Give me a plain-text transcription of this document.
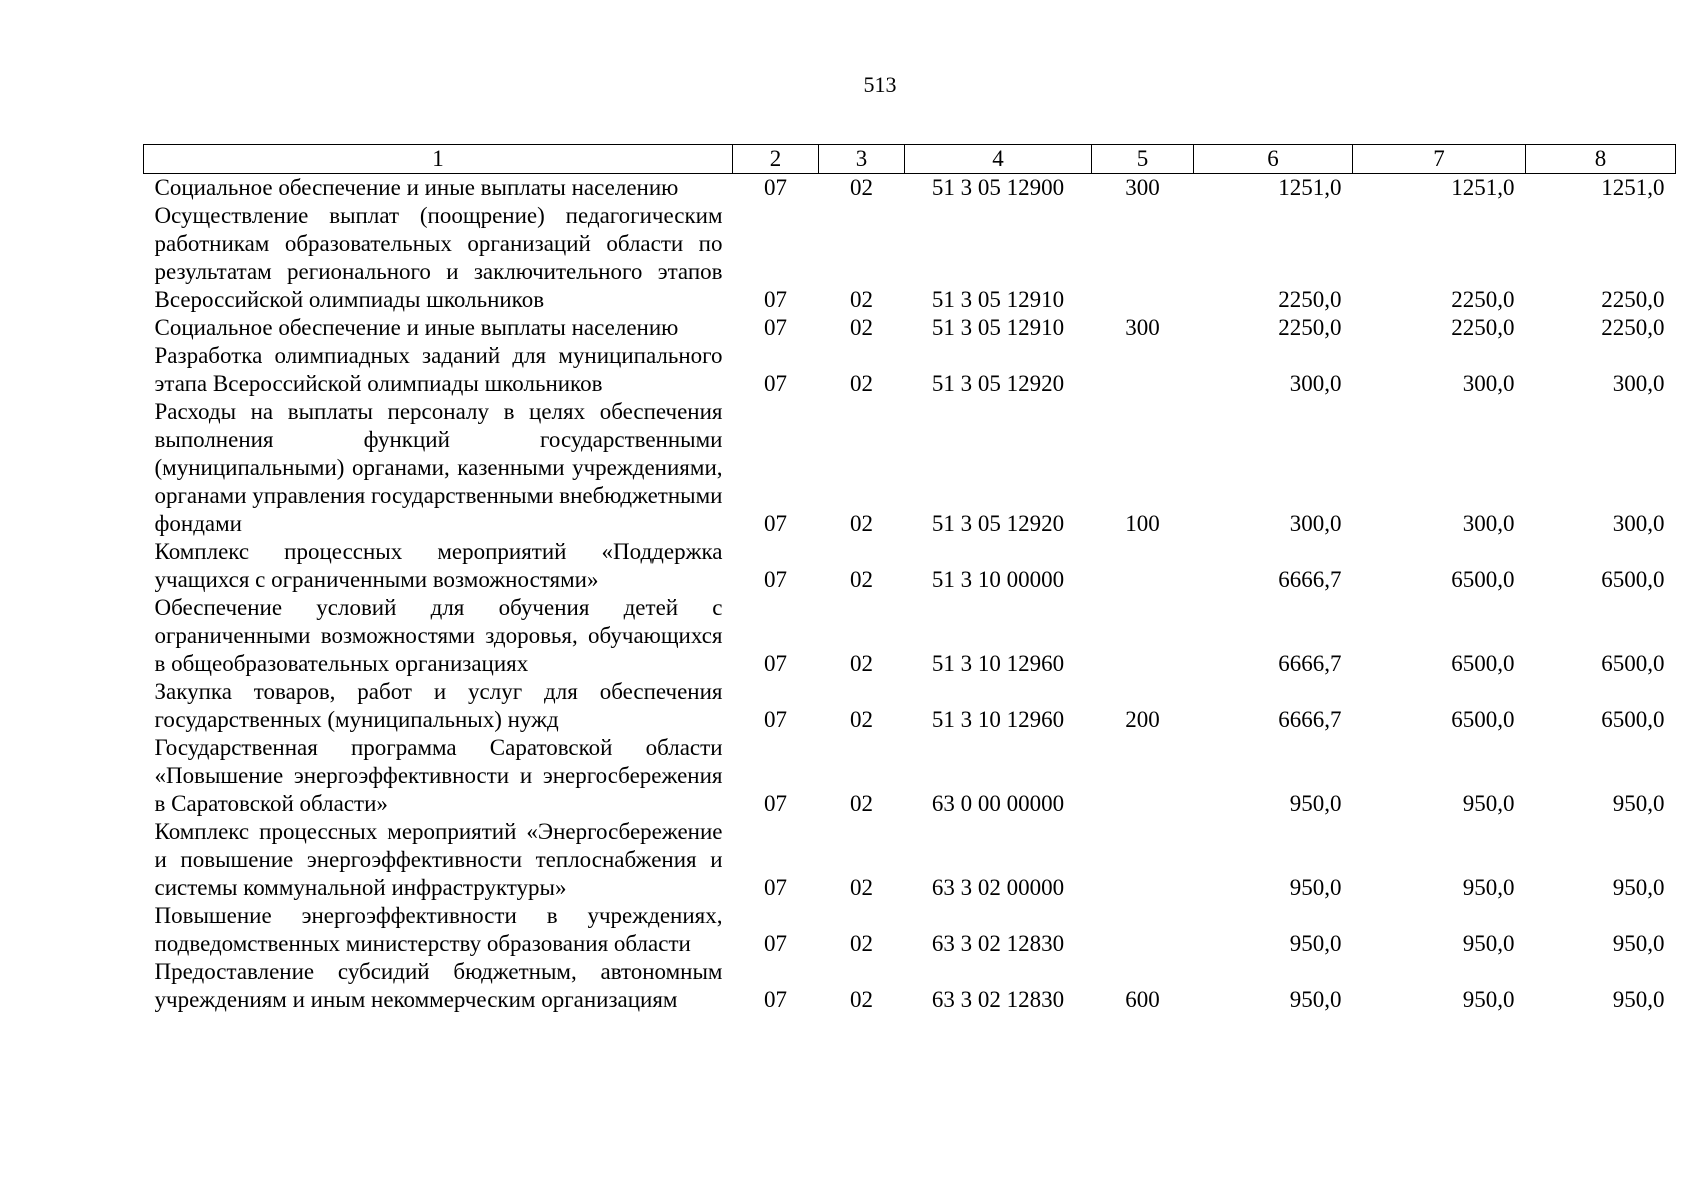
513
1	2	3	4	5	6	7	8
Социальное обеспечение и иные выплаты населению	07	02	51 3 05 12900	300	1251,0	1251,0	1251,0
Осуществление выплат (поощрение) педагогическим работникам образовательных организаций области по результатам регионального и заключительного этапов Всероссийской олимпиады школьников	07	02	51 3 05 12910		2250,0	2250,0	2250,0
Социальное обеспечение и иные выплаты населению	07	02	51 3 05 12910	300	2250,0	2250,0	2250,0
Разработка олимпиадных заданий для муниципального этапа Всероссийской олимпиады школьников	07	02	51 3 05 12920		300,0	300,0	300,0
Расходы на выплаты персоналу в целях обеспечения выполнения функций государственными (муниципальными) органами, казенными учреждениями, органами управления государственными внебюджетными фондами	07	02	51 3 05 12920	100	300,0	300,0	300,0
Комплекс процессных мероприятий «Поддержка учащихся с ограниченными возможностями»	07	02	51 3 10 00000		6666,7	6500,0	6500,0
Обеспечение условий для обучения детей с ограниченными возможностями здоровья, обучающихся в общеобразовательных организациях	07	02	51 3 10 12960		6666,7	6500,0	6500,0
Закупка товаров, работ и услуг для обеспечения государственных (муниципальных) нужд	07	02	51 3 10 12960	200	6666,7	6500,0	6500,0
Государственная программа Саратовской области «Повышение энергоэффективности и энергосбережения в Саратовской области»	07	02	63 0 00 00000		950,0	950,0	950,0
Комплекс процессных мероприятий «Энергосбережение и повышение энергоэффективности теплоснабжения и системы коммунальной инфраструктуры»	07	02	63 3 02 00000		950,0	950,0	950,0
Повышение энергоэффективности в учреждениях, подведомственных министерству образования области	07	02	63 3 02 12830		950,0	950,0	950,0
Предоставление субсидий бюджетным, автономным учреждениям и иным некоммерческим организациям	07	02	63 3 02 12830	600	950,0	950,0	950,0
